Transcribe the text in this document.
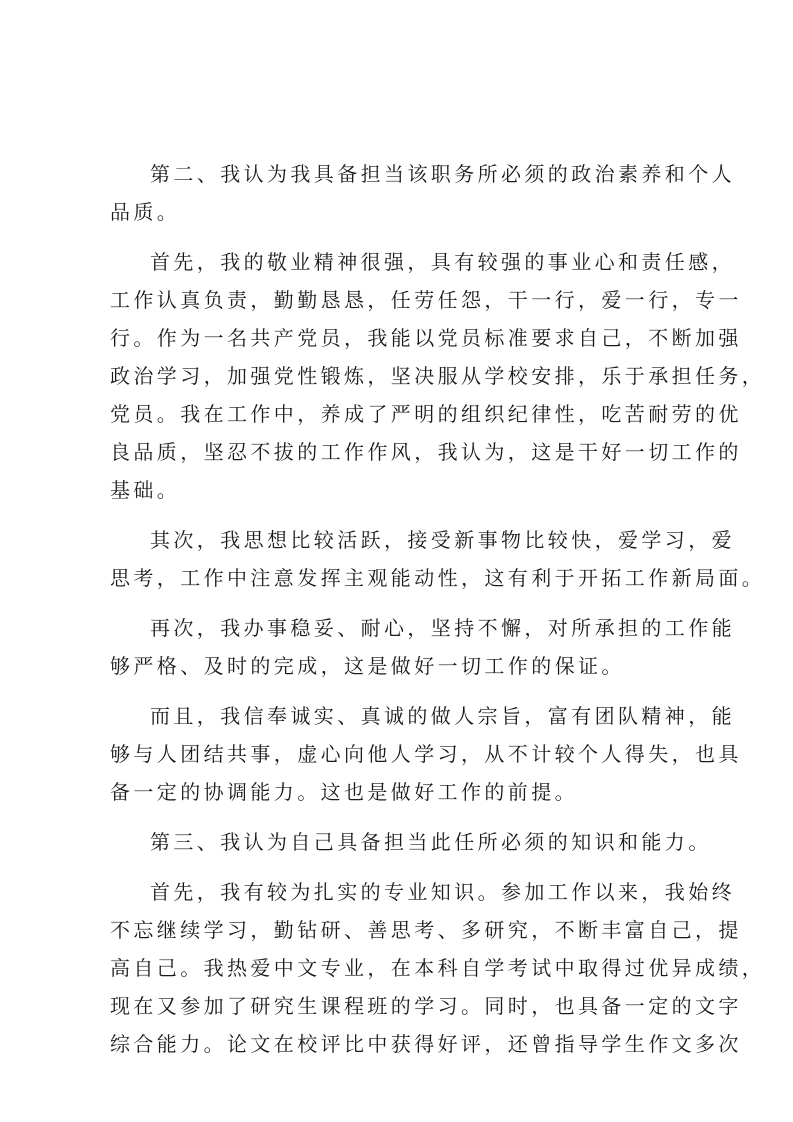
第二、我认为我具备担当该职务所必须的政治素养和个人
品质。
首先，我的敬业精神很强，具有较强的事业心和责任感，
工作认真负责，勤勤恳恳，任劳任怨，干一行，爱一行，专一
行。作为一名共产党员，我能以党员标准要求自己，不断加强
政治学习，加强党性锻炼，坚决服从学校安排，乐于承担任务，
党员。我在工作中，养成了严明的组织纪律性，吃苦耐劳的优
良品质，坚忍不拔的工作作风，我认为，这是干好一切工作的
基础。
其次，我思想比较活跃，接受新事物比较快，爱学习，爱
思考，工作中注意发挥主观能动性，这有利于开拓工作新局面。
再次，我办事稳妥、耐心，坚持不懈，对所承担的工作能
够严格、及时的完成，这是做好一切工作的保证。
而且，我信奉诚实、真诚的做人宗旨，富有团队精神，能
够与人团结共事，虚心向他人学习，从不计较个人得失，也具
备一定的协调能力。这也是做好工作的前提。
第三、我认为自己具备担当此任所必须的知识和能力。
首先，我有较为扎实的专业知识。参加工作以来，我始终
不忘继续学习，勤钻研、善思考、多研究，不断丰富自己，提
高自己。我热爱中文专业，在本科自学考试中取得过优异成绩，
现在又参加了研究生课程班的学习。同时，也具备一定的文字
综合能力。论文在校评比中获得好评，还曾指导学生作文多次
